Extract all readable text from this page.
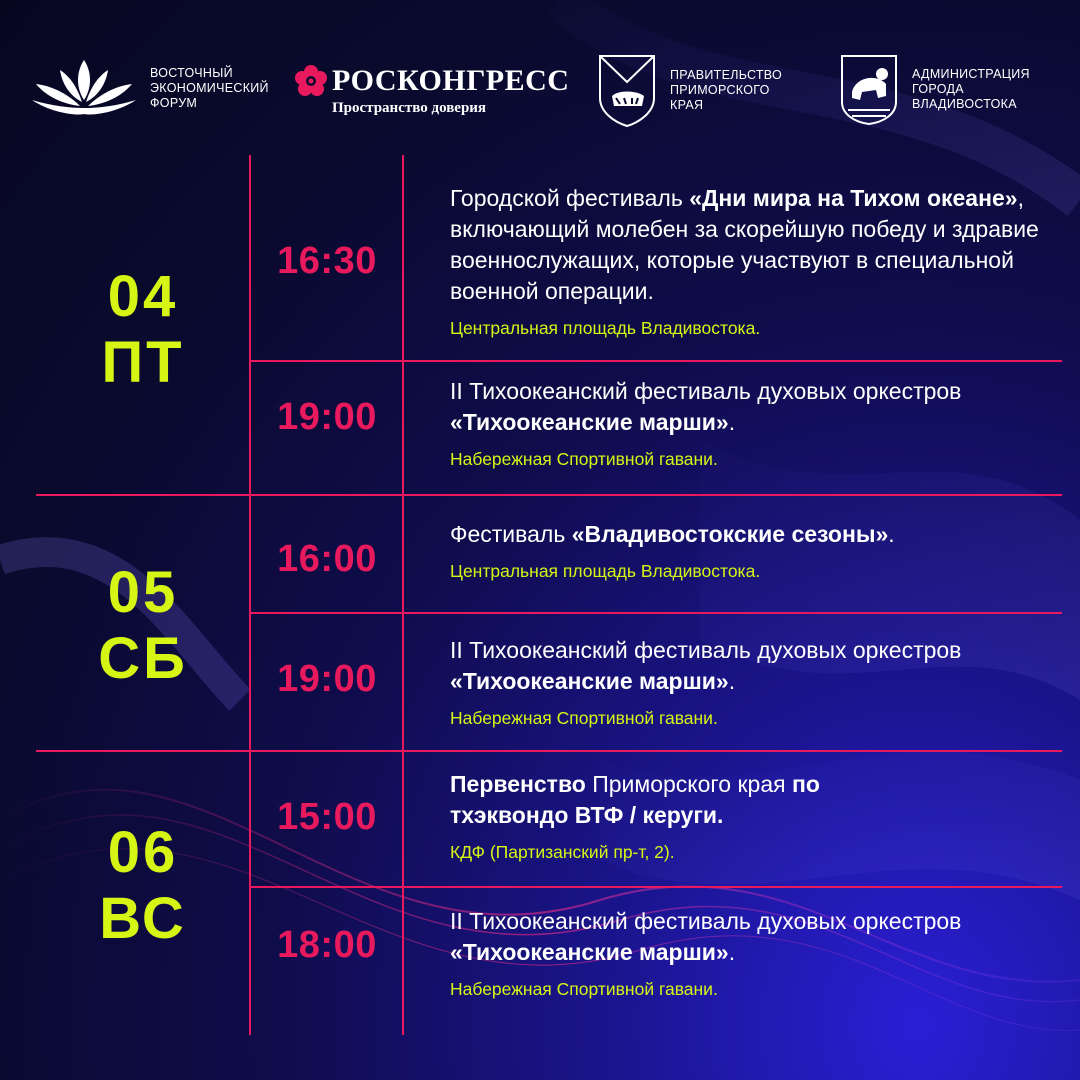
ВОСТОЧНЫЙ
ЭКОНОМИЧЕСКИЙ
ФОРУМ
РОСКОНГРЕСС
Пространство доверия
ПРАВИТЕЛЬСТВО
ПРИМОРСКОГО
КРАЯ
АДМИНИСТРАЦИЯ
ГОРОДА
ВЛАДИВОСТОКА
04
ПТ
05
СБ
06
ВС
16:30
19:00
16:00
19:00
15:00
18:00
Городской фестиваль «Дни мира на Тихом океане», включающий молебен за скорейшую победу и здравие военнослужащих, которые участвуют в специальной военной операции.
Центральная площадь Владивостока.
II Тихоокеанский фестиваль духовых оркестров «Тихоокеанские марши».
Набережная Спортивной гавани.
Фестиваль «Владивостокские сезоны».
Центральная площадь Владивостока.
II Тихоокеанский фестиваль духовых оркестров «Тихоокеанские марши».
Набережная Спортивной гавани.
Первенство Приморского края по тхэквондо ВТФ / керуги.
КДФ (Партизанский пр-т, 2).
II Тихоокеанский фестиваль духовых оркестров «Тихоокеанские марши».
Набережная Спортивной гавани.
